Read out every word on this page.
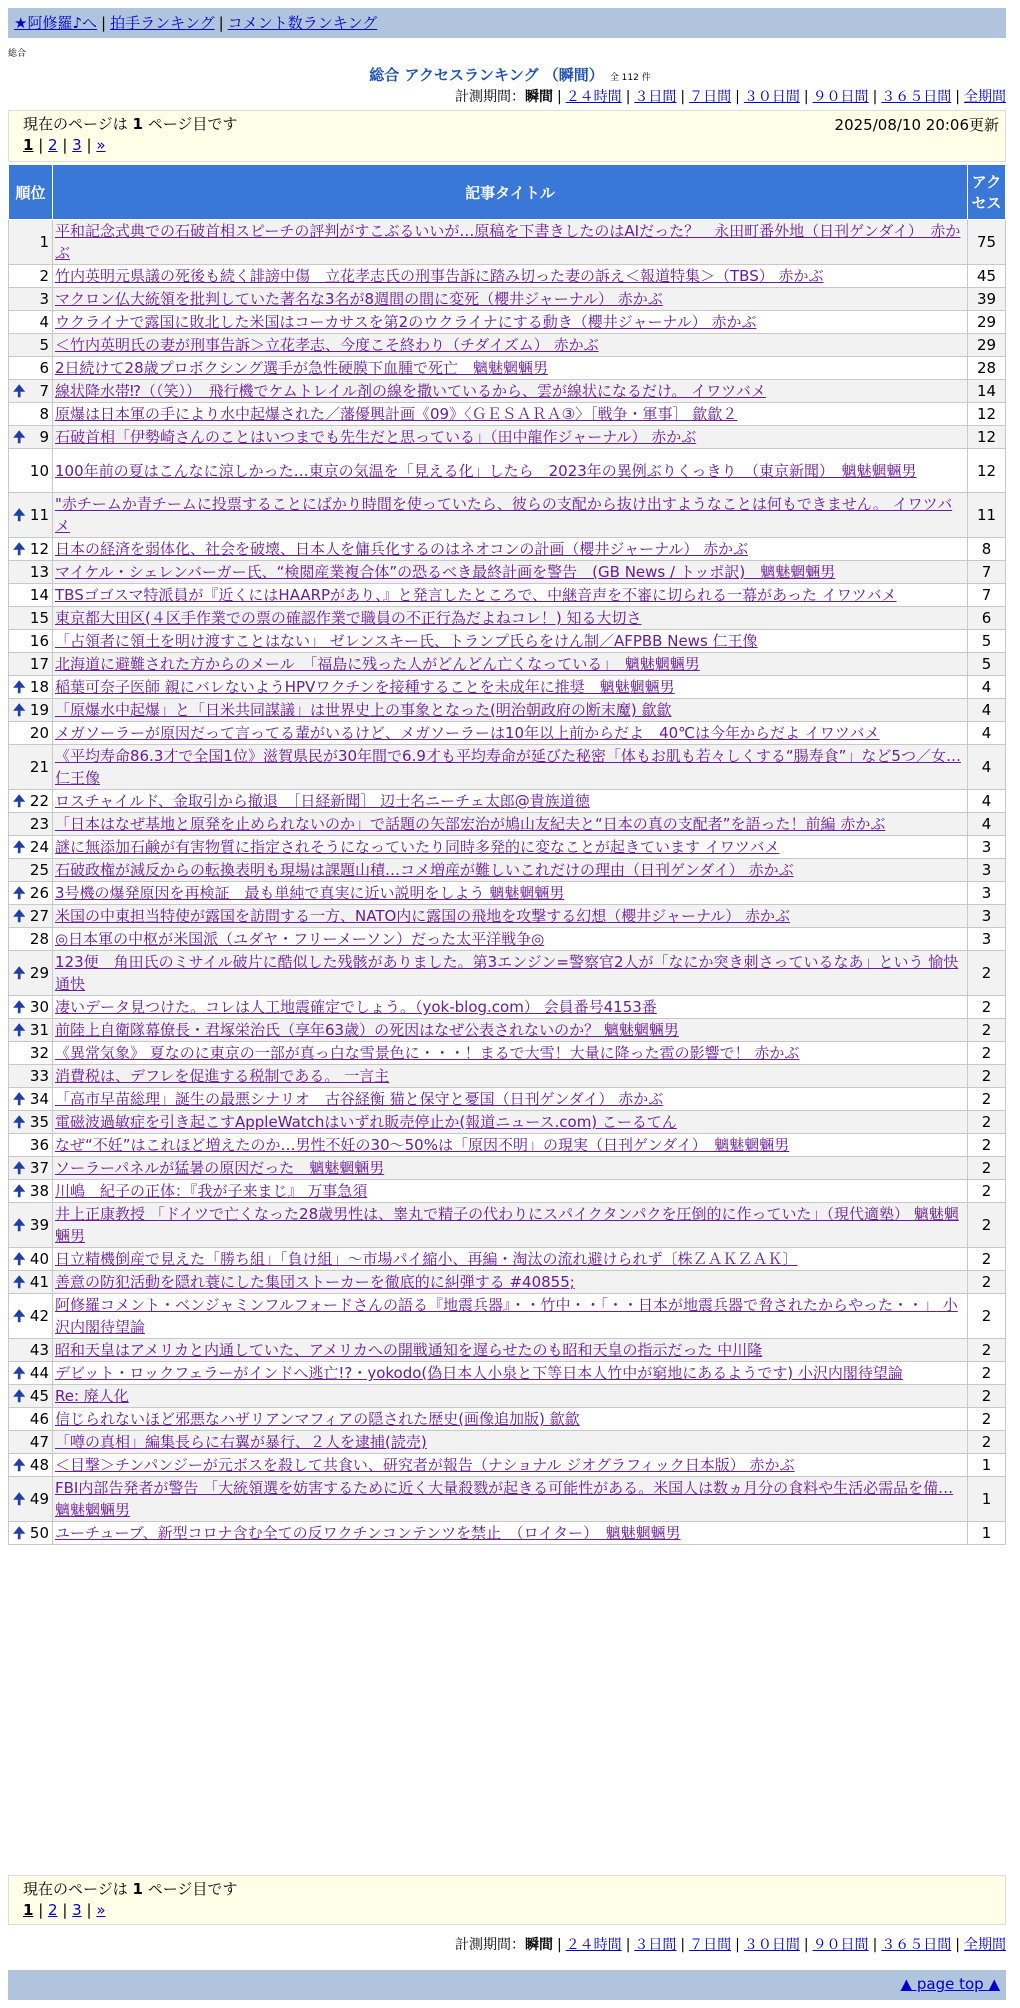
★阿修羅♪へ | 拍手ランキング | コメント数ランキング
総合
総合 アクセスランキング （瞬間） 全 112 件
計測期間：瞬間 | ２４時間 | ３日間 | ７日間 | ３０日間 | ９０日間 | ３６５日間 | 全期間
現在のページは 1 ページ目です	2025/08/10 20:06更新
1 | 2 | 3 | »
順位	記事タイトル	アクセス
1	平和記念式典での石破首相スピーチの評判がすこぶるいいが…原稿を下書きしたのはAIだった？　永田町番外地（日刊ゲンダイ）　赤かぶ	75
2	竹内英明元県議の死後も続く誹謗中傷　立花孝志氏の刑事告訴に踏み切った妻の訴え＜報道特集＞（TBS） 赤かぶ	45
3	マクロン仏大統領を批判していた著名な3名が8週間の間に変死（櫻井ジャーナル） 赤かぶ	39
4	ウクライナで露国に敗北した米国はコーカサスを第2のウクライナにする動き（櫻井ジャーナル） 赤かぶ	29
5	＜竹内英明氏の妻が刑事告訴＞立花孝志、今度こそ終わり（チダイズム） 赤かぶ	29
6	2日続けて28歳プロボクシング選手が急性硬膜下血腫で死亡　魑魅魍魎男	28

🠉 7	線状降水帯⁉（（笑））　飛行機でケムトレイル剤の線を撒いているから、雲が線状になるだけ。 イワツバメ	14
8	原爆は日本軍の手により水中起爆された／藩優興計画《09》〈ＧＥＳＡＲＡ③〉［戦争・軍事］ 歙歙２	12

🠉 9	石破首相「伊勢崎さんのことはいつまでも先生だと思っている」（田中龍作ジャーナル） 赤かぶ	12
10	100年前の夏はこんなに涼しかった…東京の気温を「見える化」したら　2023年の異例ぶりくっきり　（東京新聞）　魑魅魍魎男	12

🠉 11	"赤チームか青チームに投票することにばかり時間を使っていたら、彼らの支配から抜け出すようなことは何もできません。 イワツバメ	11

🠉 12	日本の経済を弱体化、社会を破壊、日本人を傭兵化するのはネオコンの計画（櫻井ジャーナル） 赤かぶ	8
13	マイケル・シェレンバーガー氏、“検閲産業複合体”の恐るべき最終計画を警告　(GB News / トッポ訳)　魑魅魍魎男	7
14	TBSゴゴスマ特派員が『近くにはHAARPがあり、』と発言したところで、中継音声を不審に切られる一幕があった イワツバメ	7
15	東京都大田区(４区手作業での票の確認作業で職員の不正行為だよねコレ！) 知る大切さ	6
16	「占領者に領土を明け渡すことはない」 ゼレンスキー氏、トランプ氏らをけん制／AFPBB News 仁王像	5
17	北海道に避難された方からのメール　「福島に残った人がどんどん亡くなっている」　魑魅魍魎男	5

🠉 18	稲葉可奈子医師 親にバレないようHPVワクチンを接種することを未成年に推奨　魑魅魍魎男	4

🠉 19	「原爆水中起爆」と「日米共同謀議」は世界史上の事象となった(明治朝政府の断末魔) 歙歙	4
20	メガソーラーが原因だって言ってる輩がいるけど、メガソーラーは10年以上前からだよ　40℃は今年からだよ イワツバメ	4
21	《平均寿命86.3才で全国1位》滋賀県民が30年間で6.9才も平均寿命が延びた秘密「体もお肌も若々しくする“腸寿食”」など5つ／女… 仁王像	4

🠉 22	ロスチャイルド、金取引から撤退　［日経新聞］ 辺士名ニーチェ太郎@貴族道徳	4
23	「日本はなぜ基地と原発を止められないのか」で話題の矢部宏治が鳩山友紀夫と“日本の真の支配者”を語った！前編 赤かぶ	4

🠉 24	謎に無添加石鹸が有害物質に指定されそうになっていたり同時多発的に変なことが起きています イワツバメ	3
25	石破政権が減反からの転換表明も現場は課題山積…コメ増産が難しいこれだけの理由（日刊ゲンダイ） 赤かぶ	3

🠉 26	3号機の爆発原因を再検証　最も単純で真実に近い説明をしよう 魑魅魍魎男	3

🠉 27	米国の中東担当特使が露国を訪問する一方、NATO内に露国の飛地を攻撃する幻想（櫻井ジャーナル） 赤かぶ	3
28	◎日本軍の中枢が米国派（ユダヤ・フリーメーソン）だった太平洋戦争◎	3

🠉 29	123便　角田氏のミサイル破片に酷似した残骸がありました。第3エンジン=警察官2人が「なにか突き刺さっているなあ」という 愉快通快	2

🠉 30	凄いデータ見つけた。コレは人工地震確定でしょう。（yok-blog.com） 会員番号4153番	2

🠉 31	前陸上自衛隊幕僚長・君塚栄治氏（享年63歳）の死因はなぜ公表されないのか？ 魑魅魍魎男	2
32	《異常気象》 夏なのに東京の一部が真っ白な雪景色に・・・！まるで大雪！大量に降った雹の影響で！ 赤かぶ	2
33	消費税は、デフレを促進する税制である。 一言主	2

🠉 34	「高市早苗総理」誕生の最悪シナリオ　古谷経衡 猫と保守と憂国（日刊ゲンダイ） 赤かぶ	2

🠉 35	電磁波過敏症を引き起こすAppleWatchはいずれ販売停止か(報道ニュース.com) こーるてん	2
36	なぜ“不妊”はこれほど増えたのか…男性不妊の30～50%は「原因不明」の現実（日刊ゲンダイ）　魑魅魍魎男	2

🠉 37	ソーラーパネルが猛暑の原因だった　魑魅魍魎男	2

🠉 38	川嶋　紀子の正体：『我が子来まじ』 万事急須	2

🠉 39	井上正康教授 「ドイツで亡くなった28歳男性は、睾丸で精子の代わりにスパイクタンパクを圧倒的に作っていた」（現代適塾） 魑魅魍魎男	2

🠉 40	日立精機倒産で見えた「勝ち組」「負け組」～市場パイ縮小、再編・淘汰の流れ避けられず〔株ＺＡＫＺＡＫ〕	2

🠉 41	善意の防犯活動を隠れ蓑にした集団ストーカーを徹底的に糾弾する #40855;	2

🠉 42	阿修羅コメント・ベンジャミンフルフォードさんの語る『地震兵器』・・竹中・・「・・日本が地震兵器で脅されたからやった・・」 小沢内閣待望論	2
43	昭和天皇はアメリカと内通していた、アメリカへの開戦通知を遅らせたのも昭和天皇の指示だった 中川隆	2

🠉 44	デビット・ロックフェラーがインドへ逃亡!?・yokodo(偽日本人小泉と下等日本人竹中が窮地にあるようです) 小沢内閣待望論	2

🠉 45	Re: 廃人化	2
46	信じられないほど邪悪なハザリアンマフィアの隠された歴史(画像追加版) 歙歙	2
47	「噂の真相」編集長らに右翼が暴行、２人を逮捕(読売)	2

🠉 48	＜目撃＞チンパンジーが元ボスを殺して共食い、研究者が報告（ナショナル ジオグラフィック日本版） 赤かぶ	1

🠉 49	FBI内部告発者が警告 「大統領選を妨害するために近く大量殺戮が起きる可能性がある。米国人は数ヵ月分の食料や生活必需品を備… 魑魅魍魎男	1

🠉 50	ユーチューブ、新型コロナ含む全ての反ワクチンコンテンツを禁止　（ロイター）　魑魅魍魎男	1
現在のページは 1 ページ目です
1 | 2 | 3 | »
計測期間：瞬間 | ２４時間 | ３日間 | ７日間 | ３０日間 | ９０日間 | ３６５日間 | 全期間
▲ page top ▲
